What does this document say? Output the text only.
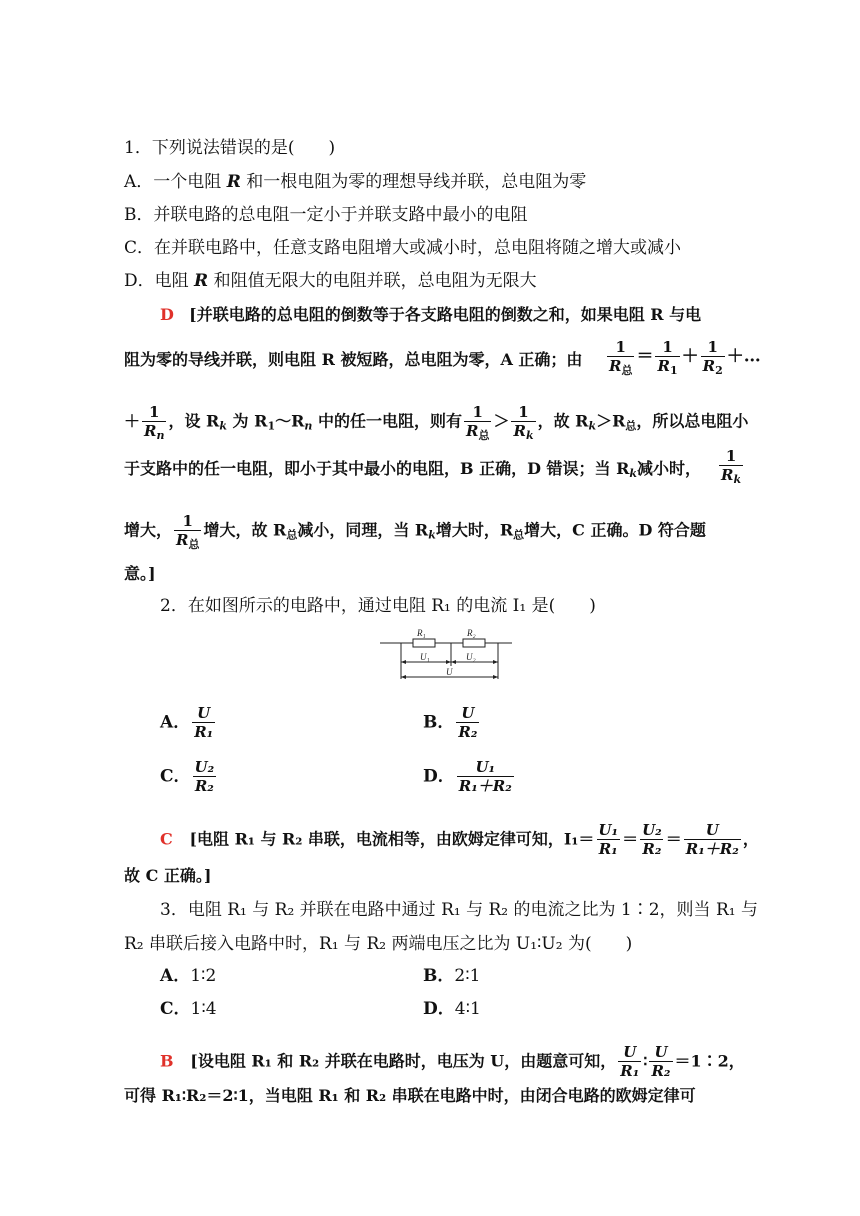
1．下列说法错误的是(　　)
A．一个电阻 R 和一根电阻为零的理想导线并联，总电阻为零
B．并联电路的总电阻一定小于并联支路中最小的电阻
C．在并联电路中，任意支路电阻增大或减小时，总电阻将随之增大或减小
D．电阻 R 和阻值无限大的电阻并联，总电阻为无限大
D [并联电路的总电阻的倒数等于各支路电阻的倒数之和，如果电阻 R 与电
阻为零的导线并联，则电阻 R 被短路，总电阻为零，A 正确；由 $\frac{1}{R_总} = \frac{1}{R_1} + \frac{1}{R_2}$ ＋…
＋ $\frac{1}{R_n}$ ，设 $R_k$ 为 $R_1\sim R_n$ 中的任一电阻，则有 $\frac{1}{R_总} > \frac{1}{R_k}$ ，故 $R_k>R_总$，所以总电阻小
于支路中的任一电阻，即小于其中最小的电阻，B 正确，D 错误；当 $R_k$减小时， $\frac{1}{R_k}$
增大， $\frac{1}{R_总}$ 增大，故 $R_总$减小，同理，当 $R_k$增大时，$R_总$增大，C 正确。D 符合题
意。]
2．在如图所示的电路中，通过电阻 R₁ 的电流 I₁ 是(　　)
R₁	R₂
U₁	U₂
U
A． $\frac{U}{\text{R₁}}$	B． $\frac{U}{\text{R₂}}$
C． $\frac{\text{U₂}}{\text{R₂}}$	D． $\frac{\text{U₁}}{\text{R₁＋R₂}}$
C [电阻 R₁ 与 R₂ 串联，电流相等，由欧姆定律可知，$I_1= \frac{\text{U₁}}{\text{R₁}} = \frac{\text{U₂}}{\text{R₂}} = \frac{U}{\text{R₁＋R₂}}$ ，
故 C 正确。]
3．电阻 R₁ 与 R₂ 并联在电路中通过 R₁ 与 R₂ 的电流之比为 1∶2，则当 R₁ 与
R₂ 串联后接入电路中时，R₁ 与 R₂ 两端电压之比为 U₁∶U₂ 为(　　)
A．1∶2	B．2∶1
C．1∶4	D．4∶1
B [设电阻 R₁ 和 R₂ 并联在电路时，电压为 U，由题意可知， $\frac{U}{\text{R₁}}$ ∶ $\frac{U}{\text{R₂}}$ ＝1∶2，
可得 R₁∶R₂＝2∶1，当电阻 R₁ 和 R₂ 串联在电路中时，由闭合电路的欧姆定律可
